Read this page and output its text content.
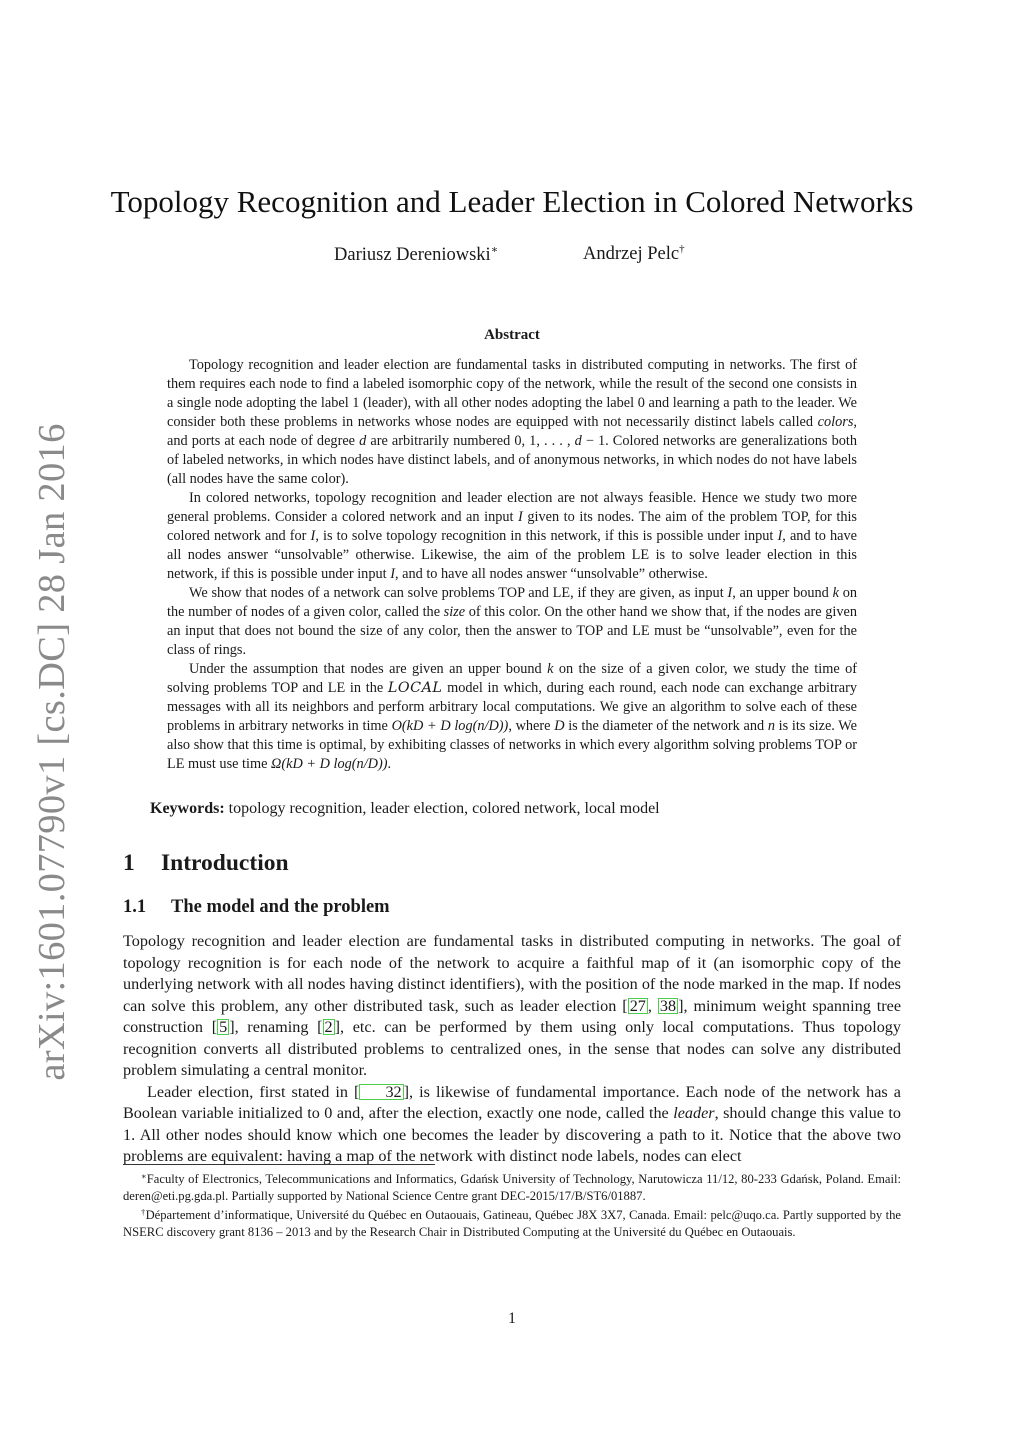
arXiv:1601.07790v1 [cs.DC] 28 Jan 2016
Topology Recognition and Leader Election in Colored Networks
Dariusz Dereniowski∗	Andrzej Pelc†
Abstract

Topology recognition and leader election are fundamental tasks in distributed computing in networks. The first of them requires each node to find a labeled isomorphic copy of the network, while the result of the second one consists in a single node adopting the label 1 (leader), with all other nodes adopting the label 0 and learning a path to the leader. We consider both these problems in networks whose nodes are equipped with not necessarily distinct labels called colors, and ports at each node of degree d are arbitrarily numbered 0, 1, . . . , d − 1. Colored networks are generalizations both of labeled networks, in which nodes have distinct labels, and of anonymous networks, in which nodes do not have labels (all nodes have the same color).

In colored networks, topology recognition and leader election are not always feasible. Hence we study two more general problems. Consider a colored network and an input I given to its nodes. The aim of the problem TOP, for this colored network and for I, is to solve topology recognition in this network, if this is possible under input I, and to have all nodes answer “unsolvable” otherwise. Likewise, the aim of the problem LE is to solve leader election in this network, if this is possible under input I, and to have all nodes answer “unsolvable” otherwise.

We show that nodes of a network can solve problems TOP and LE, if they are given, as input I, an upper bound k on the number of nodes of a given color, called the size of this color. On the other hand we show that, if the nodes are given an input that does not bound the size of any color, then the answer to TOP and LE must be “unsolvable”, even for the class of rings.

Under the assumption that nodes are given an upper bound k on the size of a given color, we study the time of solving problems TOP and LE in the LOCAL model in which, during each round, each node can exchange arbitrary messages with all its neighbors and perform arbitrary local computations. We give an algorithm to solve each of these problems in arbitrary networks in time O(kD + D log(n/D)), where D is the diameter of the network and n is its size. We also show that this time is optimal, by exhibiting classes of networks in which every algorithm solving problems TOP or LE must use time Ω(kD + D log(n/D)).

Keywords: topology recognition, leader election, colored network, local model
1 Introduction
1.1 The model and the problem

Topology recognition and leader election are fundamental tasks in distributed computing in networks. The goal of topology recognition is for each node of the network to acquire a faithful map of it (an isomorphic copy of the underlying network with all nodes having distinct identifiers), with the position of the node marked in the map. If nodes can solve this problem, any other distributed task, such as leader election [ 27 , 38 ], minimum weight spanning tree construction [ 5 ], renaming [ 2 ], etc. can be performed by them using only local computations. Thus topology recognition converts all distributed problems to centralized ones, in the sense that nodes can solve any distributed problem simulating a central monitor.

Leader election, first stated in [ 32 ], is likewise of fundamental importance. Each node of the network has a Boolean variable initialized to 0 and, after the election, exactly one node, called the leader, should change this value to 1. All other nodes should know which one becomes the leader by discovering a path to it. Notice that the above two problems are equivalent: having a map of the network with distinct node labels, nodes can elect

∗Faculty of Electronics, Telecommunications and Informatics, Gdańsk University of Technology, Narutowicza 11/12, 80-233 Gdańsk, Poland. Email: deren@eti.pg.gda.pl. Partially supported by National Science Centre grant DEC-2015/17/B/ST6/01887.

†Département d’informatique, Université du Québec en Outaouais, Gatineau, Québec J8X 3X7, Canada. Email: pelc@uqo.ca. Partly supported by the NSERC discovery grant 8136 – 2013 and by the Research Chair in Distributed Computing at the Université du Québec en Outaouais.

1
